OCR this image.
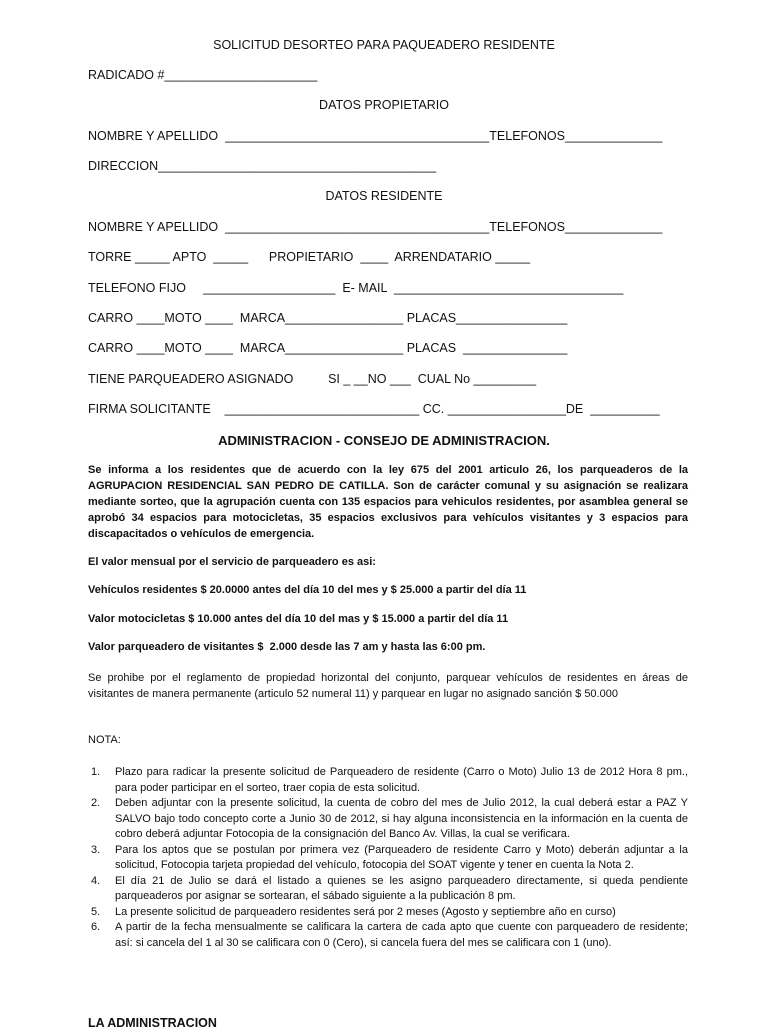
SOLICITUD DESORTEO PARA PAQUEADERO RESIDENTE
RADICADO #______________________
DATOS PROPIETARIO
NOMBRE Y APELLIDO  ______________________________________TELEFONOS______________
DIRECCION________________________________________
DATOS RESIDENTE
NOMBRE Y APELLIDO  ______________________________________TELEFONOS______________
TORRE _____ APTO  _____      PROPIETARIO  ____  ARRENDATARIO _____
TELEFONO FIJO     ___________________  E- MAIL  _________________________________
CARRO ____MOTO ____  MARCA_________________ PLACAS________________
CARRO ____MOTO ____  MARCA_________________ PLACAS  _______________
TIENE PARQUEADERO ASIGNADO          SI _ __NO ___  CUAL No _________
FIRMA SOLICITANTE    ____________________________ CC. _________________DE  __________
ADMINISTRACION - CONSEJO DE ADMINISTRACION.
Se informa a los residentes que de acuerdo con la ley 675 del 2001 articulo 26, los parqueaderos de la AGRUPACION RESIDENCIAL SAN PEDRO DE CATILLA. Son de carácter comunal y su asignación se realizara mediante sorteo, que la agrupación cuenta con 135 espacios para vehiculos residentes, por asamblea general se aprobó 34 espacios para motocicletas, 35 espacios exclusivos para vehículos visitantes y 3 espacios para discapacitados o vehículos de emergencia.
El valor mensual por el servicio de parqueadero es asi:
Vehículos residentes $ 20.0000 antes del día 10 del mes y $ 25.000 a partir del día 11
Valor motocicletas $ 10.000 antes del día 10 del mas y $ 15.000 a partir del día 11
Valor parqueadero de visitantes $  2.000 desde las 7 am y hasta las 6:00 pm.
Se prohibe por el reglamento de propiedad horizontal del conjunto, parquear vehículos de residentes en áreas de visitantes de manera permanente (articulo 52 numeral 11) y parquear en lugar no asignado sanción $ 50.000
NOTA:
1. Plazo para radicar la presente solicitud de Parqueadero de residente (Carro o Moto) Julio 13 de 2012 Hora 8 pm., para poder participar en el sorteo, traer copia de esta solicitud.
2. Deben adjuntar con la presente solicitud, la cuenta de cobro del mes de Julio 2012, la cual deberá estar a PAZ Y SALVO bajo todo concepto corte a Junio 30 de 2012, si hay alguna inconsistencia en la información en la cuenta de cobro deberá adjuntar Fotocopia de la consignación del Banco Av. Villas, la cual se verificara.
3. Para los aptos que se postulan por primera vez (Parqueadero de residente Carro y Moto) deberán adjuntar a la solicitud, Fotocopia tarjeta propiedad del vehículo, fotocopia del SOAT vigente y tener en cuenta la Nota 2.
4. El día 21 de Julio se dará el listado a quienes se les asigno parqueadero directamente, si queda pendiente parqueaderos por asignar se sortearan, el sábado siguiente a la publicación 8 pm.
5. La presente solicitud de parqueadero residentes será por 2 meses (Agosto y septiembre año en curso)
6. A partir de la fecha mensualmente se calificara la cartera de cada apto que cuente con parqueadero de residente; así: si cancela del 1 al 30 se calificara con 0 (Cero), si cancela fuera del mes se calificara con 1 (uno).
LA ADMINISTRACION
